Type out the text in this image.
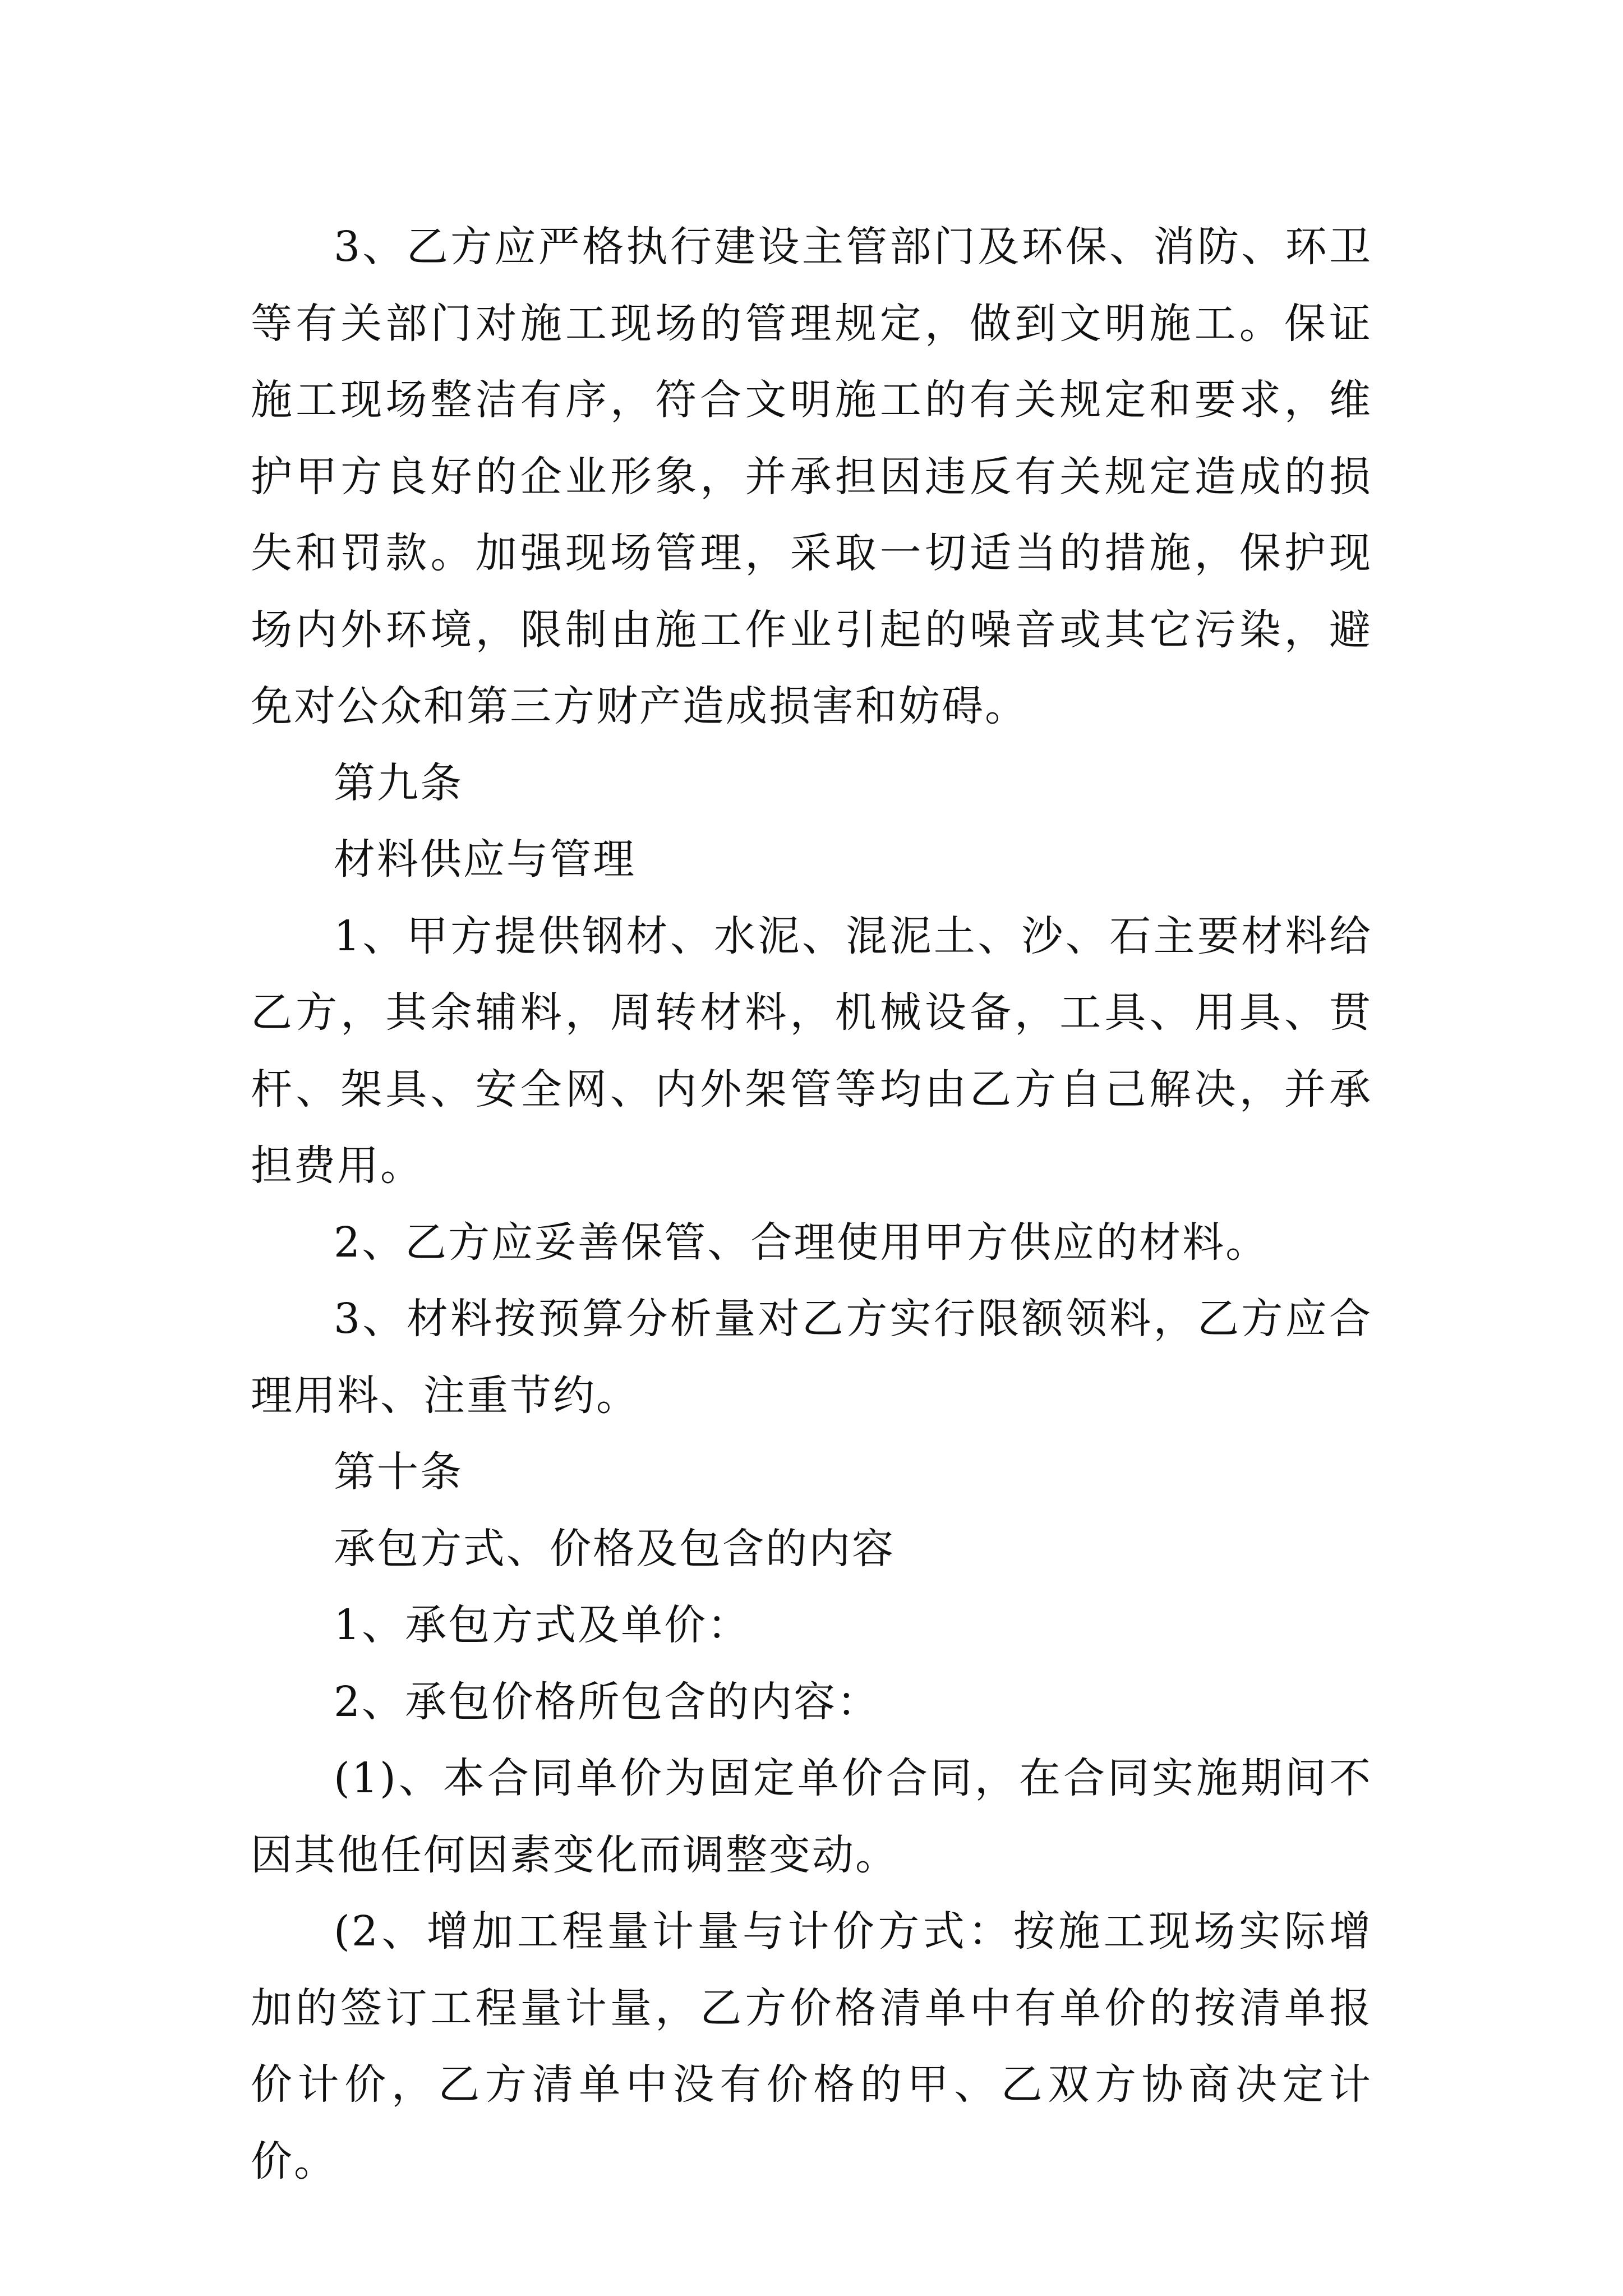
3、乙方应严格执行建设主管部门及环保、消防、环卫等有关部门对施工现场的管理规定，做到文明施工。保证施工现场整洁有序，符合文明施工的有关规定和要求，维护甲方良好的企业形象，并承担因违反有关规定造成的损失和罚款。加强现场管理，采取一切适当的措施，保护现场内外环境，限制由施工作业引起的噪音或其它污染，避免对公众和第三方财产造成损害和妨碍。

第九条

材料供应与管理

1、甲方提供钢材、水泥、混泥土、沙、石主要材料给乙方，其余辅料，周转材料，机械设备，工具、用具、贯杆、架具、安全网、内外架管等均由乙方自己解决，并承担费用。

2、乙方应妥善保管、合理使用甲方供应的材料。

3、材料按预算分析量对乙方实行限额领料，乙方应合理用料、注重节约。

第十条

承包方式、价格及包含的内容

1、承包方式及单价：

2、承包价格所包含的内容：

(1)、本合同单价为固定单价合同，在合同实施期间不因其他任何因素变化而调整变动。

(2、增加工程量计量与计价方式：按施工现场实际增加的签订工程量计量，乙方价格清单中有单价的按清单报价计价，乙方清单中没有价格的甲、乙双方协商决定计价。
